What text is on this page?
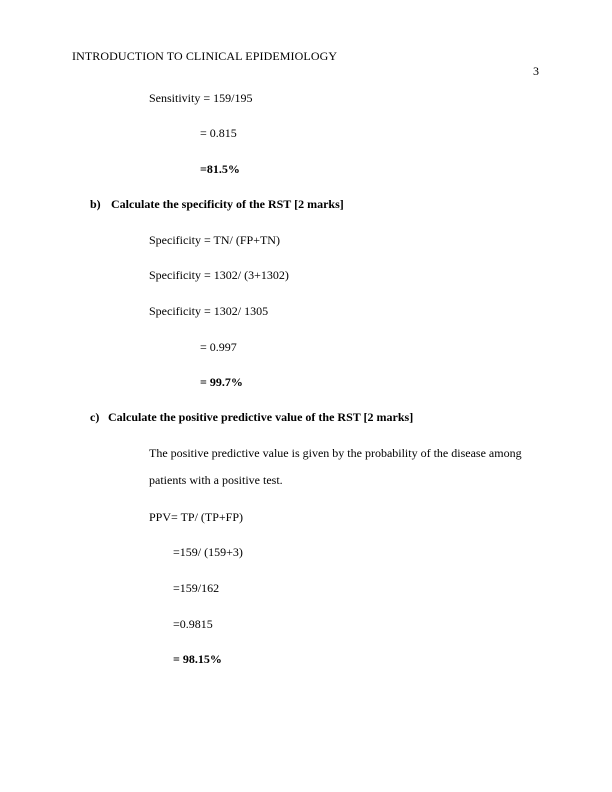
INTRODUCTION TO CLINICAL EPIDEMIOLOGY
3
Sensitivity = 159/195
= 0.815
=81.5%
b) Calculate the specificity of the RST [2 marks]
Specificity = TN/ (FP+TN)
Specificity = 1302/ (3+1302)
Specificity = 1302/ 1305
= 0.997
= 99.7%
c) Calculate the positive predictive value of the RST [2 marks]
The positive predictive value is given by the probability of the disease among
patients with a positive test.
PPV= TP/ (TP+FP)
=159/ (159+3)
=159/162
=0.9815
= 98.15%
